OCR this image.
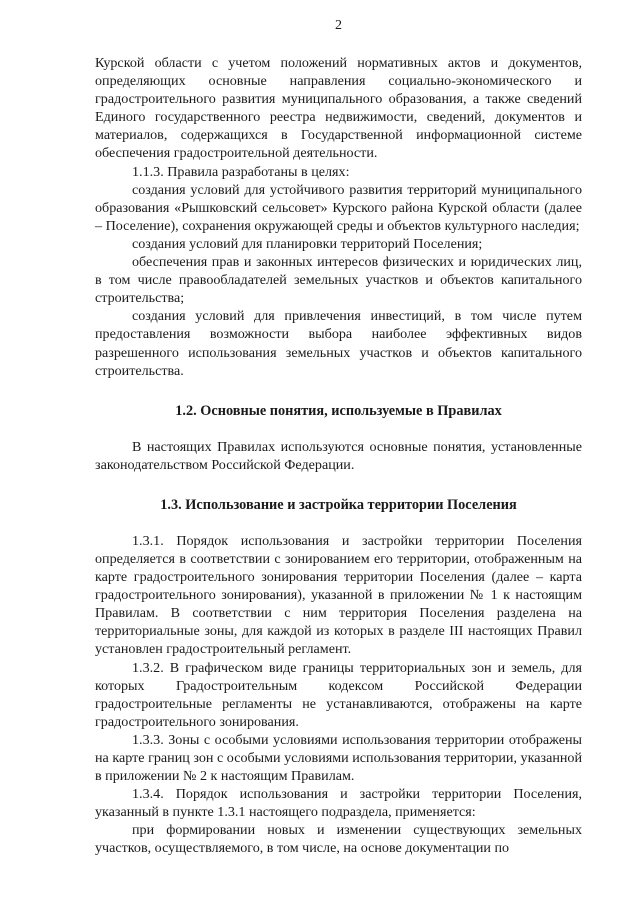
2

Курской области с учетом положений нормативных актов и документов, определяющих основные направления социально-экономического и градостроительного развития муниципального образования, а также сведений Единого государственного реестра недвижимости, сведений, документов и материалов, содержащихся в Государственной информационной системе обеспечения градостроительной деятельности.

1.1.3. Правила разработаны в целях:

создания условий для устойчивого развития территорий муниципального образования «Рышковский сельсовет» Курского района Курской области (далее – Поселение), сохранения окружающей среды и объектов культурного наследия;

создания условий для планировки территорий Поселения;

обеспечения прав и законных интересов физических и юридических лиц, в том числе правообладателей земельных участков и объектов капитального строительства;

создания условий для привлечения инвестиций, в том числе путем предоставления возможности выбора наиболее эффективных видов разрешенного использования земельных участков и объектов капитального строительства.

1.2. Основные понятия, используемые в Правилах

В настоящих Правилах используются основные понятия, установленные законодательством Российской Федерации.

1.3. Использование и застройка территории Поселения

1.3.1. Порядок использования и застройки территории Поселения определяется в соответствии с зонированием его территории, отображенным на карте градостроительного зонирования территории Поселения (далее – карта градостроительного зонирования), указанной в приложении № 1 к настоящим Правилам. В соответствии с ним территория Поселения разделена на территориальные зоны, для каждой из которых в разделе III настоящих Правил установлен градостроительный регламент.

1.3.2. В графическом виде границы территориальных зон и земель, для которых Градостроительным кодексом Российской Федерации градостроительные регламенты не устанавливаются, отображены на карте градостроительного зонирования.

1.3.3. Зоны с особыми условиями использования территории отображены на карте границ зон с особыми условиями использования территории, указанной в приложении № 2 к настоящим Правилам.

1.3.4. Порядок использования и застройки территории Поселения, указанный в пункте 1.3.1 настоящего подраздела, применяется:

при формировании новых и изменении существующих земельных участков, осуществляемого, в том числе, на основе документации по
